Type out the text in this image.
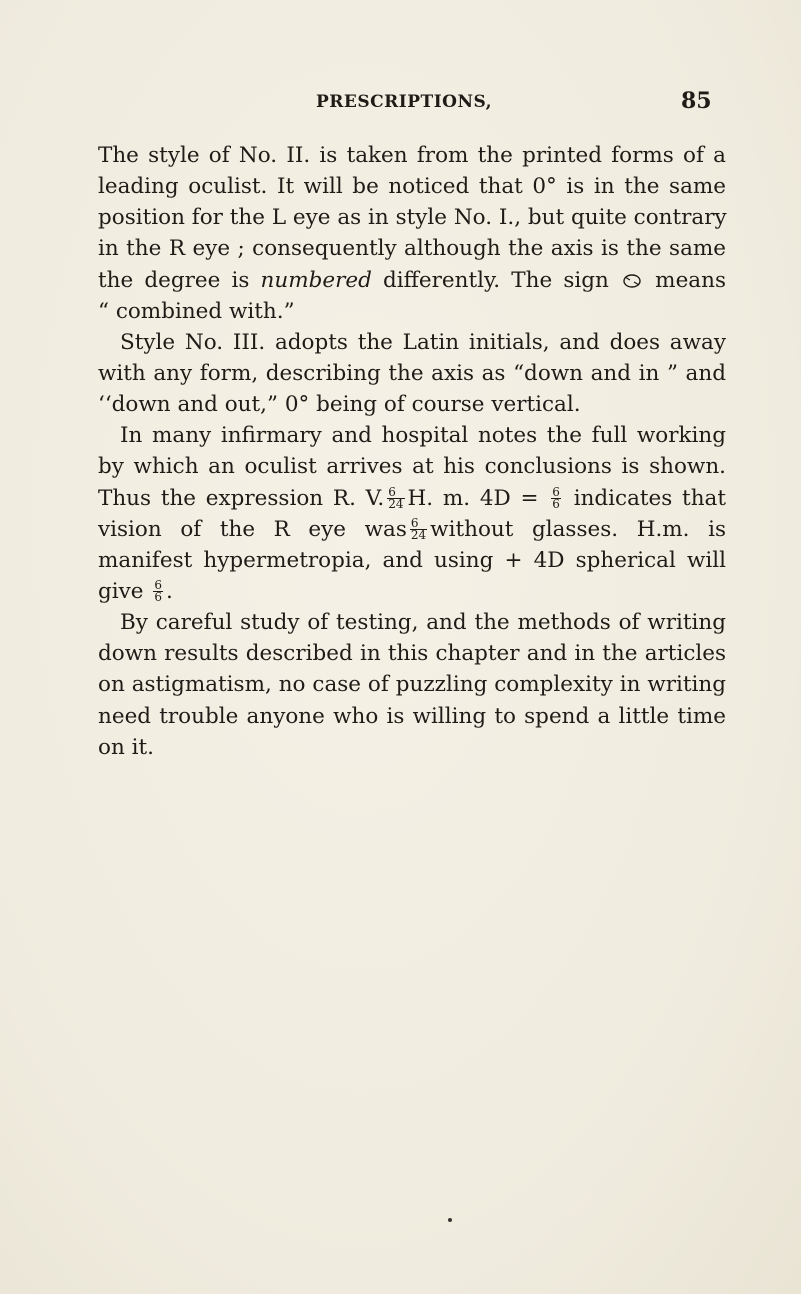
PRESCRIPTIONS,	85
The style of No. II. is taken from the printed forms of a
leading oculist. It will be noticed that 0° is in the same
position for the L eye as in style No. I., but quite contrary
in the R eye ; consequently although the axis is the same
the degree is numbered differently. The sign  means
“ combined with.”
Style No. III. adopts the Latin initials, and does away
with any form, describing the axis as “down and in ” and
‘‘down and out,” 0° being of course vertical.
In many infirmary and hospital notes the full working
by which an oculist arrives at his conclusions is shown.
Thus the expression R. V. $\frac{6}{24} H$. m. $4D = \frac{6}{6}$ indicates that
vision of the R eye was $\frac{6}{24}$ without glasses. H.m. is
manifest hypermetropia, and using + 4D spherical will
give $\frac{6}{6}$ .
By careful study of testing, and the methods of writing
down results described in this chapter and in the articles
on astigmatism, no case of puzzling complexity in writing
need trouble anyone who is willing to spend a little time
on it.
